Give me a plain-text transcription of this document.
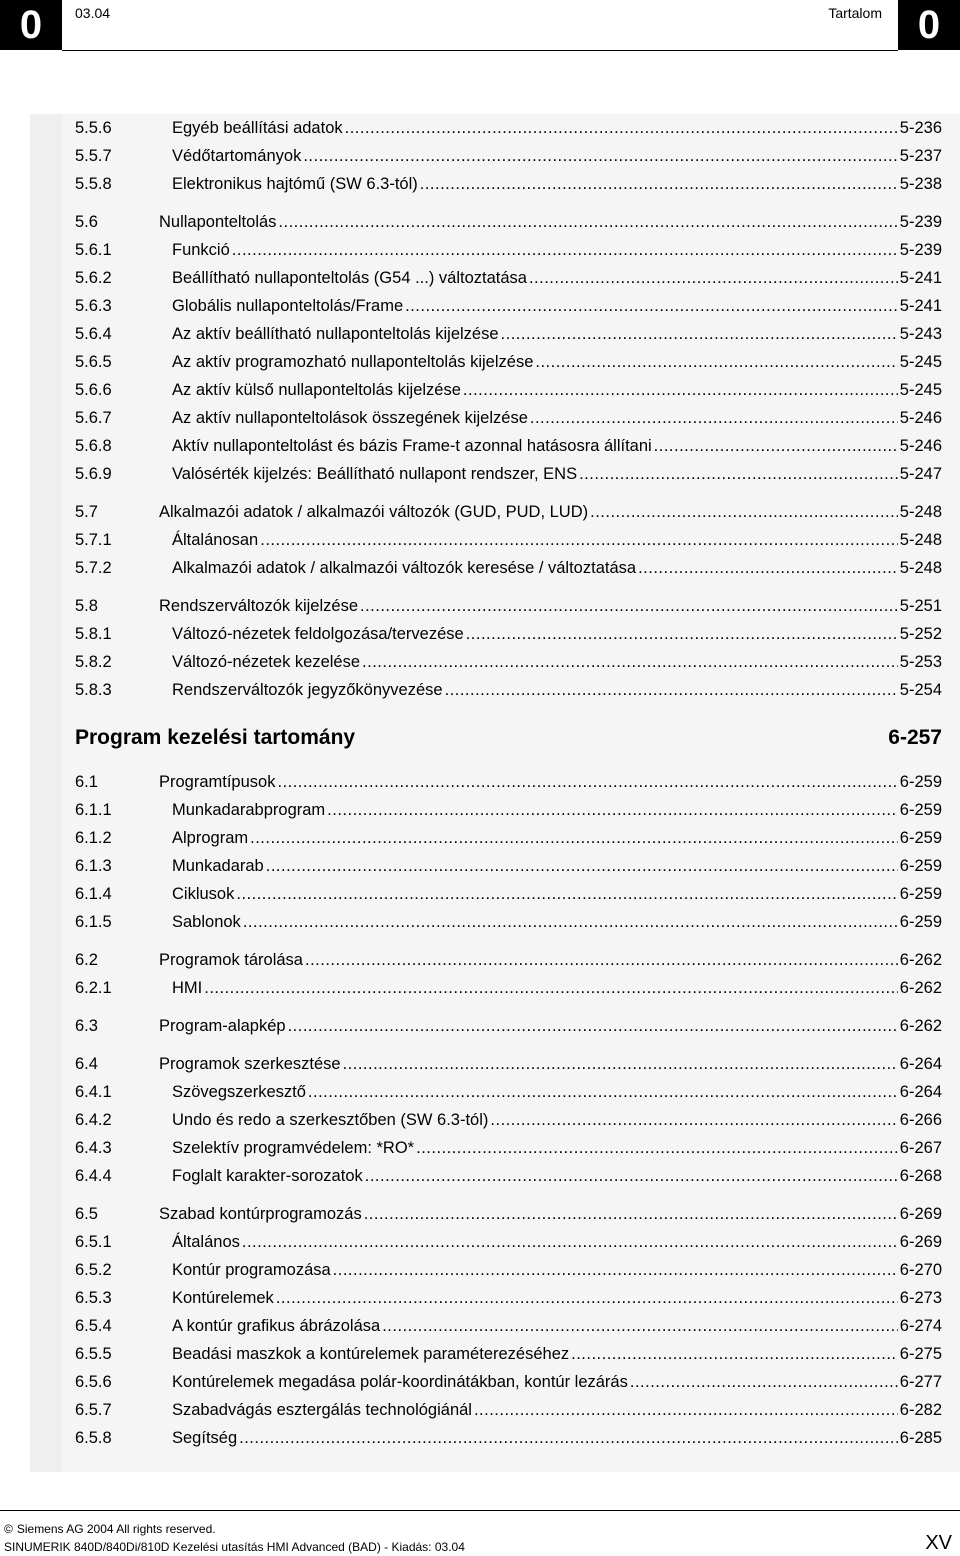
0	0
03.04	Tartalom
5.5.6	Egyéb beállítási adatok .....	5-236
5.5.7	Védőtartományok .....	5-237
5.5.8	Elektronikus hajtómű (SW 6.3-tól) .....	5-238
5.6	Nullaponteltolás .....	5-239
5.6.1	Funkció .....	5-239
5.6.2	Beállítható nullaponteltolás (G54 ...) változtatása .....	5-241
5.6.3	Globális nullaponteltolás/Frame .....	5-241
5.6.4	Az aktív beállítható nullaponteltolás kijelzése .....	5-243
5.6.5	Az aktív programozható nullaponteltolás kijelzése .....	5-245
5.6.6	Az aktív külső nullaponteltolás kijelzése .....	5-245
5.6.7	Az aktív nullaponteltolások összegének kijelzése .....	5-246
5.6.8	Aktív nullaponteltolást és bázis Frame-t azonnal hatásosra állítani .....	5-246
5.6.9	Valósérték kijelzés: Beállítható nullapont rendszer, ENS .....	5-247
5.7	Alkalmazói adatok / alkalmazói változók (GUD, PUD, LUD) .....	5-248
5.7.1	Általánosan .....	5-248
5.7.2	Alkalmazói adatok / alkalmazói változók keresése / változtatása .....	5-248
5.8	Rendszerváltozók kijelzése .....	5-251
5.8.1	Változó-nézetek feldolgozása/tervezése .....	5-252
5.8.2	Változó-nézetek kezelése .....	5-253
5.8.3	Rendszerváltozók jegyzőkönyvezése .....	5-254
Program kezelési tartomány	6-257
6.1	Programtípusok .....	6-259
6.1.1	Munkadarabprogram .....	6-259
6.1.2	Alprogram .....	6-259
6.1.3	Munkadarab .....	6-259
6.1.4	Ciklusok .....	6-259
6.1.5	Sablonok .....	6-259
6.2	Programok tárolása .....	6-262
6.2.1	HMI .....	6-262
6.3	Program-alapkép .....	6-262
6.4	Programok szerkesztése .....	6-264
6.4.1	Szövegszerkesztő .....	6-264
6.4.2	Undo és redo a szerkesztőben (SW 6.3-tól) .....	6-266
6.4.3	Szelektív programvédelem: *RO* .....	6-267
6.4.4	Foglalt karakter-sorozatok .....	6-268
6.5	Szabad kontúrprogramozás .....	6-269
6.5.1	Általános .....	6-269
6.5.2	Kontúr programozása .....	6-270
6.5.3	Kontúrelemek .....	6-273
6.5.4	A kontúr grafikus ábrázolása .....	6-274
6.5.5	Beadási maszkok a kontúrelemek paraméterezéséhez .....	6-275
6.5.6	Kontúrelemek megadása polár-koordinátákban, kontúr lezárás .....	6-277
6.5.7	Szabadvágás esztergálás technológiánál .....	6-282
6.5.8	Segítség .....	6-285
© Siemens AG 2004 All rights reserved.
SINUMERIK 840D/840Di/810D Kezelési utasítás HMI Advanced (BAD) - Kiadás: 03.04	XV
